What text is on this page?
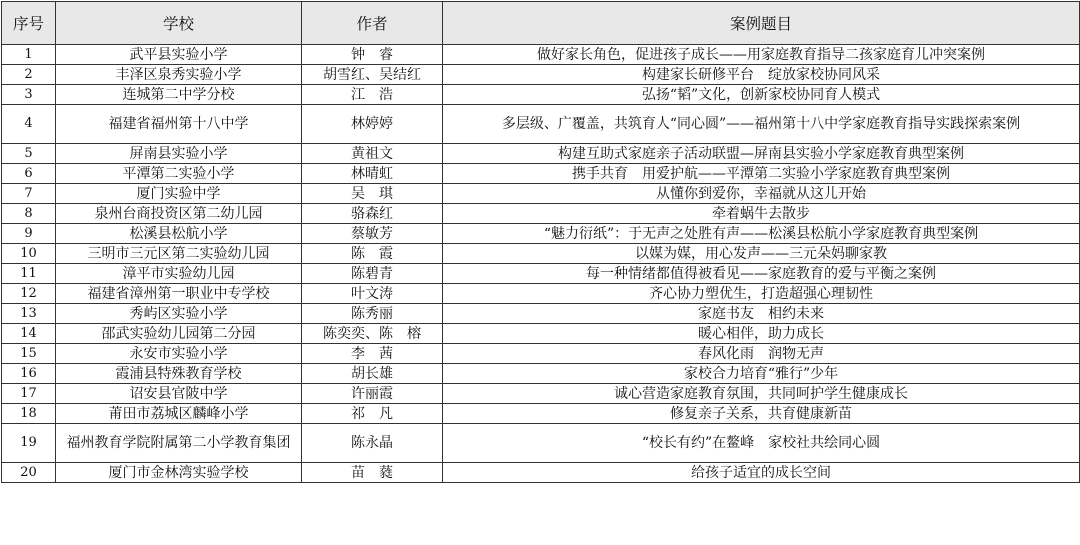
序号	学校	作者	案例题目
1	武平县实验小学	钟　睿	做好家长角色，促进孩子成长——用家庭教育指导二孩家庭育儿冲突案例
2	丰泽区泉秀实验小学	胡雪红、吴结红	构建家长研修平台　绽放家校协同风采
3	连城第二中学分校	江　浩	弘扬“韬”文化，创新家校协同育人模式
4	福建省福州第十八中学	林婷婷	多层级、广覆盖，共筑育人“同心圆”——福州第十八中学家庭教育指导实践探索案例
5	屏南县实验小学	黄祖文	构建互助式家庭亲子活动联盟—屏南县实验小学家庭教育典型案例
6	平潭第二实验小学	林晴虹	携手共育　用爱护航——平潭第二实验小学家庭教育典型案例
7	厦门实验中学	吴　琪	从懂你到爱你，幸福就从这儿开始
8	泉州台商投资区第二幼儿园	骆森红	牵着蜗牛去散步
9	松溪县松航小学	蔡敏芳	“魅力衍纸”：于无声之处胜有声——松溪县松航小学家庭教育典型案例
10	三明市三元区第二实验幼儿园	陈　霞	以媒为媒，用心发声——三元朵妈聊家教
11	漳平市实验幼儿园	陈碧青	每一种情绪都值得被看见——家庭教育的爱与平衡之案例
12	福建省漳州第一职业中专学校	叶文涛	齐心协力塑优生，打造超强心理韧性
13	秀屿区实验小学	陈秀丽	家庭书友　相约未来
14	邵武实验幼儿园第二分园	陈奕奕、陈　榕	暖心相伴，助力成长
15	永安市实验小学	李　茜	春风化雨　润物无声
16	霞浦县特殊教育学校	胡长雄	家校合力培育“雅行”少年
17	诏安县官陂中学	许丽霞	诚心营造家庭教育氛围，共同呵护学生健康成长
18	莆田市荔城区麟峰小学	祁　凡	修复亲子关系，共育健康新苗
19	福州教育学院附属第二小学教育集团	陈永晶	“校长有约”在鳌峰　家校社共绘同心圆
20	厦门市金林湾实验学校	苗　蕤	给孩子适宜的成长空间
